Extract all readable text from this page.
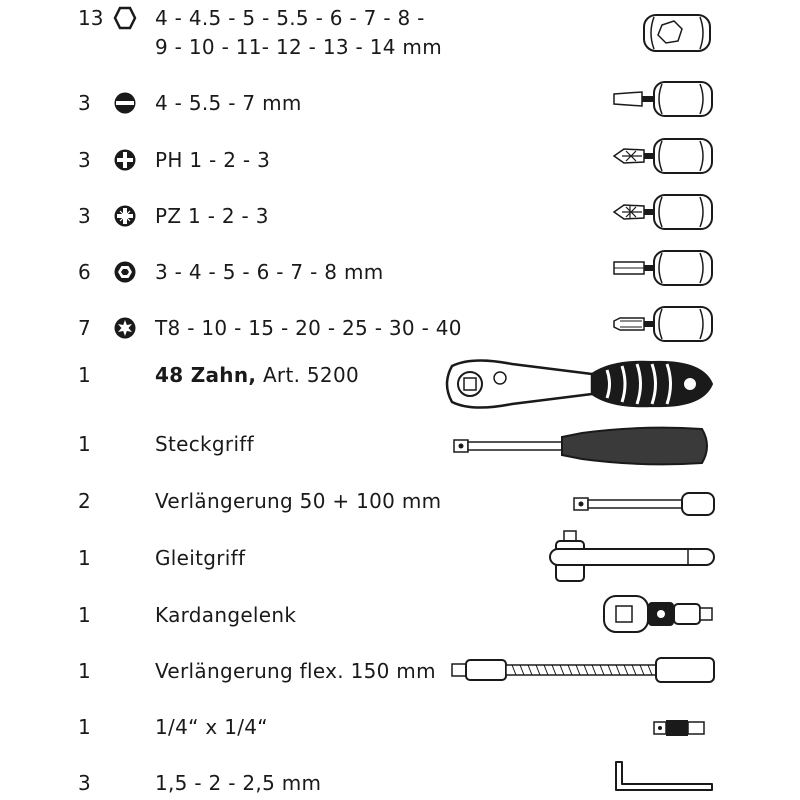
13	4 - 4.5 - 5 - 5.5 - 6 - 7 - 8 -
9 - 10 - 11- 12 - 13 - 14 mm
3	4 - 5.5 - 7 mm
3	PH 1 - 2 - 3
3	PZ 1 - 2 - 3
6	3 - 4 - 5 - 6 - 7 - 8 mm
7	T8 - 10 - 15 - 20 - 25 - 30 - 40
1	48 Zahn, Art. 5200
1	Steckgriff
2	Verlängerung 50 + 100 mm
1	Gleitgriff
1	Kardangelenk
1	Verlängerung flex. 150 mm
1	1/4“ x 1/4“
3	1,5 - 2 - 2,5 mm
